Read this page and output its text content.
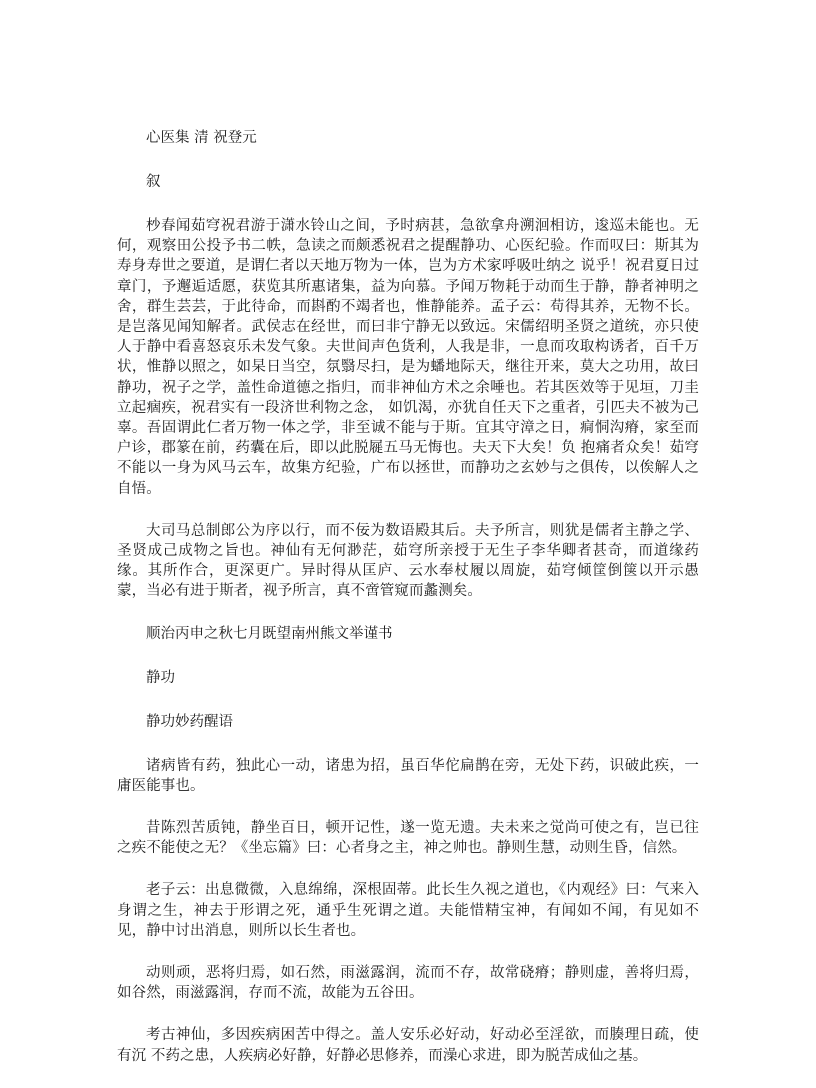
心医集 清 祝登元

叙

杪春闻茹穹祝君游于潇水铃山之间，予时病甚，急欲拿舟溯洄相访，逡巡未能也。无何，观察田公投予书二帙，急读之而颇悉祝君之提醒静功、心医纪验。作而叹曰：斯其为寿身寿世之要道，是谓仁者以天地万物为一体，岂为方术家呼吸吐纳之 说乎！祝君夏日过章门，予邂逅适愿，获览其所惠诸集，益为向慕。予闻万物耗于动而生于静，静者神明之舍，群生芸芸，于此待命，而斟酌不竭者也，惟静能养。孟子云：苟得其养，无物不长。是岂落见闻知解者。武侯志在经世，而曰非宁静无以致远。宋儒绍明圣贤之道统，亦只使人于静中看喜怒哀乐未发气象。夫世间声色货利，人我是非，一息而攻取构诱者，百千万状，惟静以照之，如杲日当空，氛翳尽扫，是为蟠地际天，继往开来，莫大之功用，故曰静功，祝子之学，盖性命道德之指归，而非神仙方术之余唾也。若其医效等于见垣，刀圭立起痼疾，祝君实有一段济世利物之念， 如饥渴，亦犹自任天下之重者，引匹夫不被为己辜。吾固谓此仁者万物一体之学，非至诚不能与于斯。宜其守漳之日，痌恫沟瘠，家至而户诊，郡篆在前，药囊在后，即以此脱屣五马无悔也。夫天下大矣！负 抱痛者众矣！茹穹不能以一身为风马云车，故集方纪验，广布以拯世，而静功之玄妙与之俱传，以俟解人之自悟。

大司马总制郎公为序以行，而不佞为数语殿其后。夫予所言，则犹是儒者主静之学、圣贤成己成物之旨也。神仙有无何渺茫，茹穹所亲授于无生子李华卿者甚奇，而道缘药缘。其所作合，更深更广。异时得从匡庐、云水奉杖履以周旋，茹穹倾筐倒箧以开示愚蒙，当必有进于斯者，视予所言，真不啻管窥而蠡测矣。

顺治丙申之秋七月既望南州熊文举谨书

静功

静功妙药醒语

诸病皆有药，独此心一动，诸患为招，虽百华佗扁鹊在旁，无处下药，识破此疾，一庸医能事也。

昔陈烈苦质钝，静坐百日，顿开记性，遂一览无遗。夫未来之觉尚可使之有，岂已往之疾不能使之无？《坐忘篇》曰：心者身之主，神之帅也。静则生慧，动则生昏，信然。

老子云：出息微微，入息绵绵，深根固蒂。此长生久视之道也，《内观经》曰：气来入身谓之生，神去于形谓之死，通乎生死谓之道。夫能惜精宝神，有闻如不闻，有见如不见，静中讨出消息，则所以长生者也。

动则顽，恶将归焉，如石然，雨滋露润，流而不存，故常硗瘠；静则虚，善将归焉，如谷然，雨滋露润，存而不流，故能为五谷田。

考古神仙，多因疾病困苦中得之。盖人安乐必好动，好动必至淫欲，而腠理日疏，使有沉 不药之患，人疾病必好静，好静必思修养，而澡心求进，即为脱苦成仙之基。
